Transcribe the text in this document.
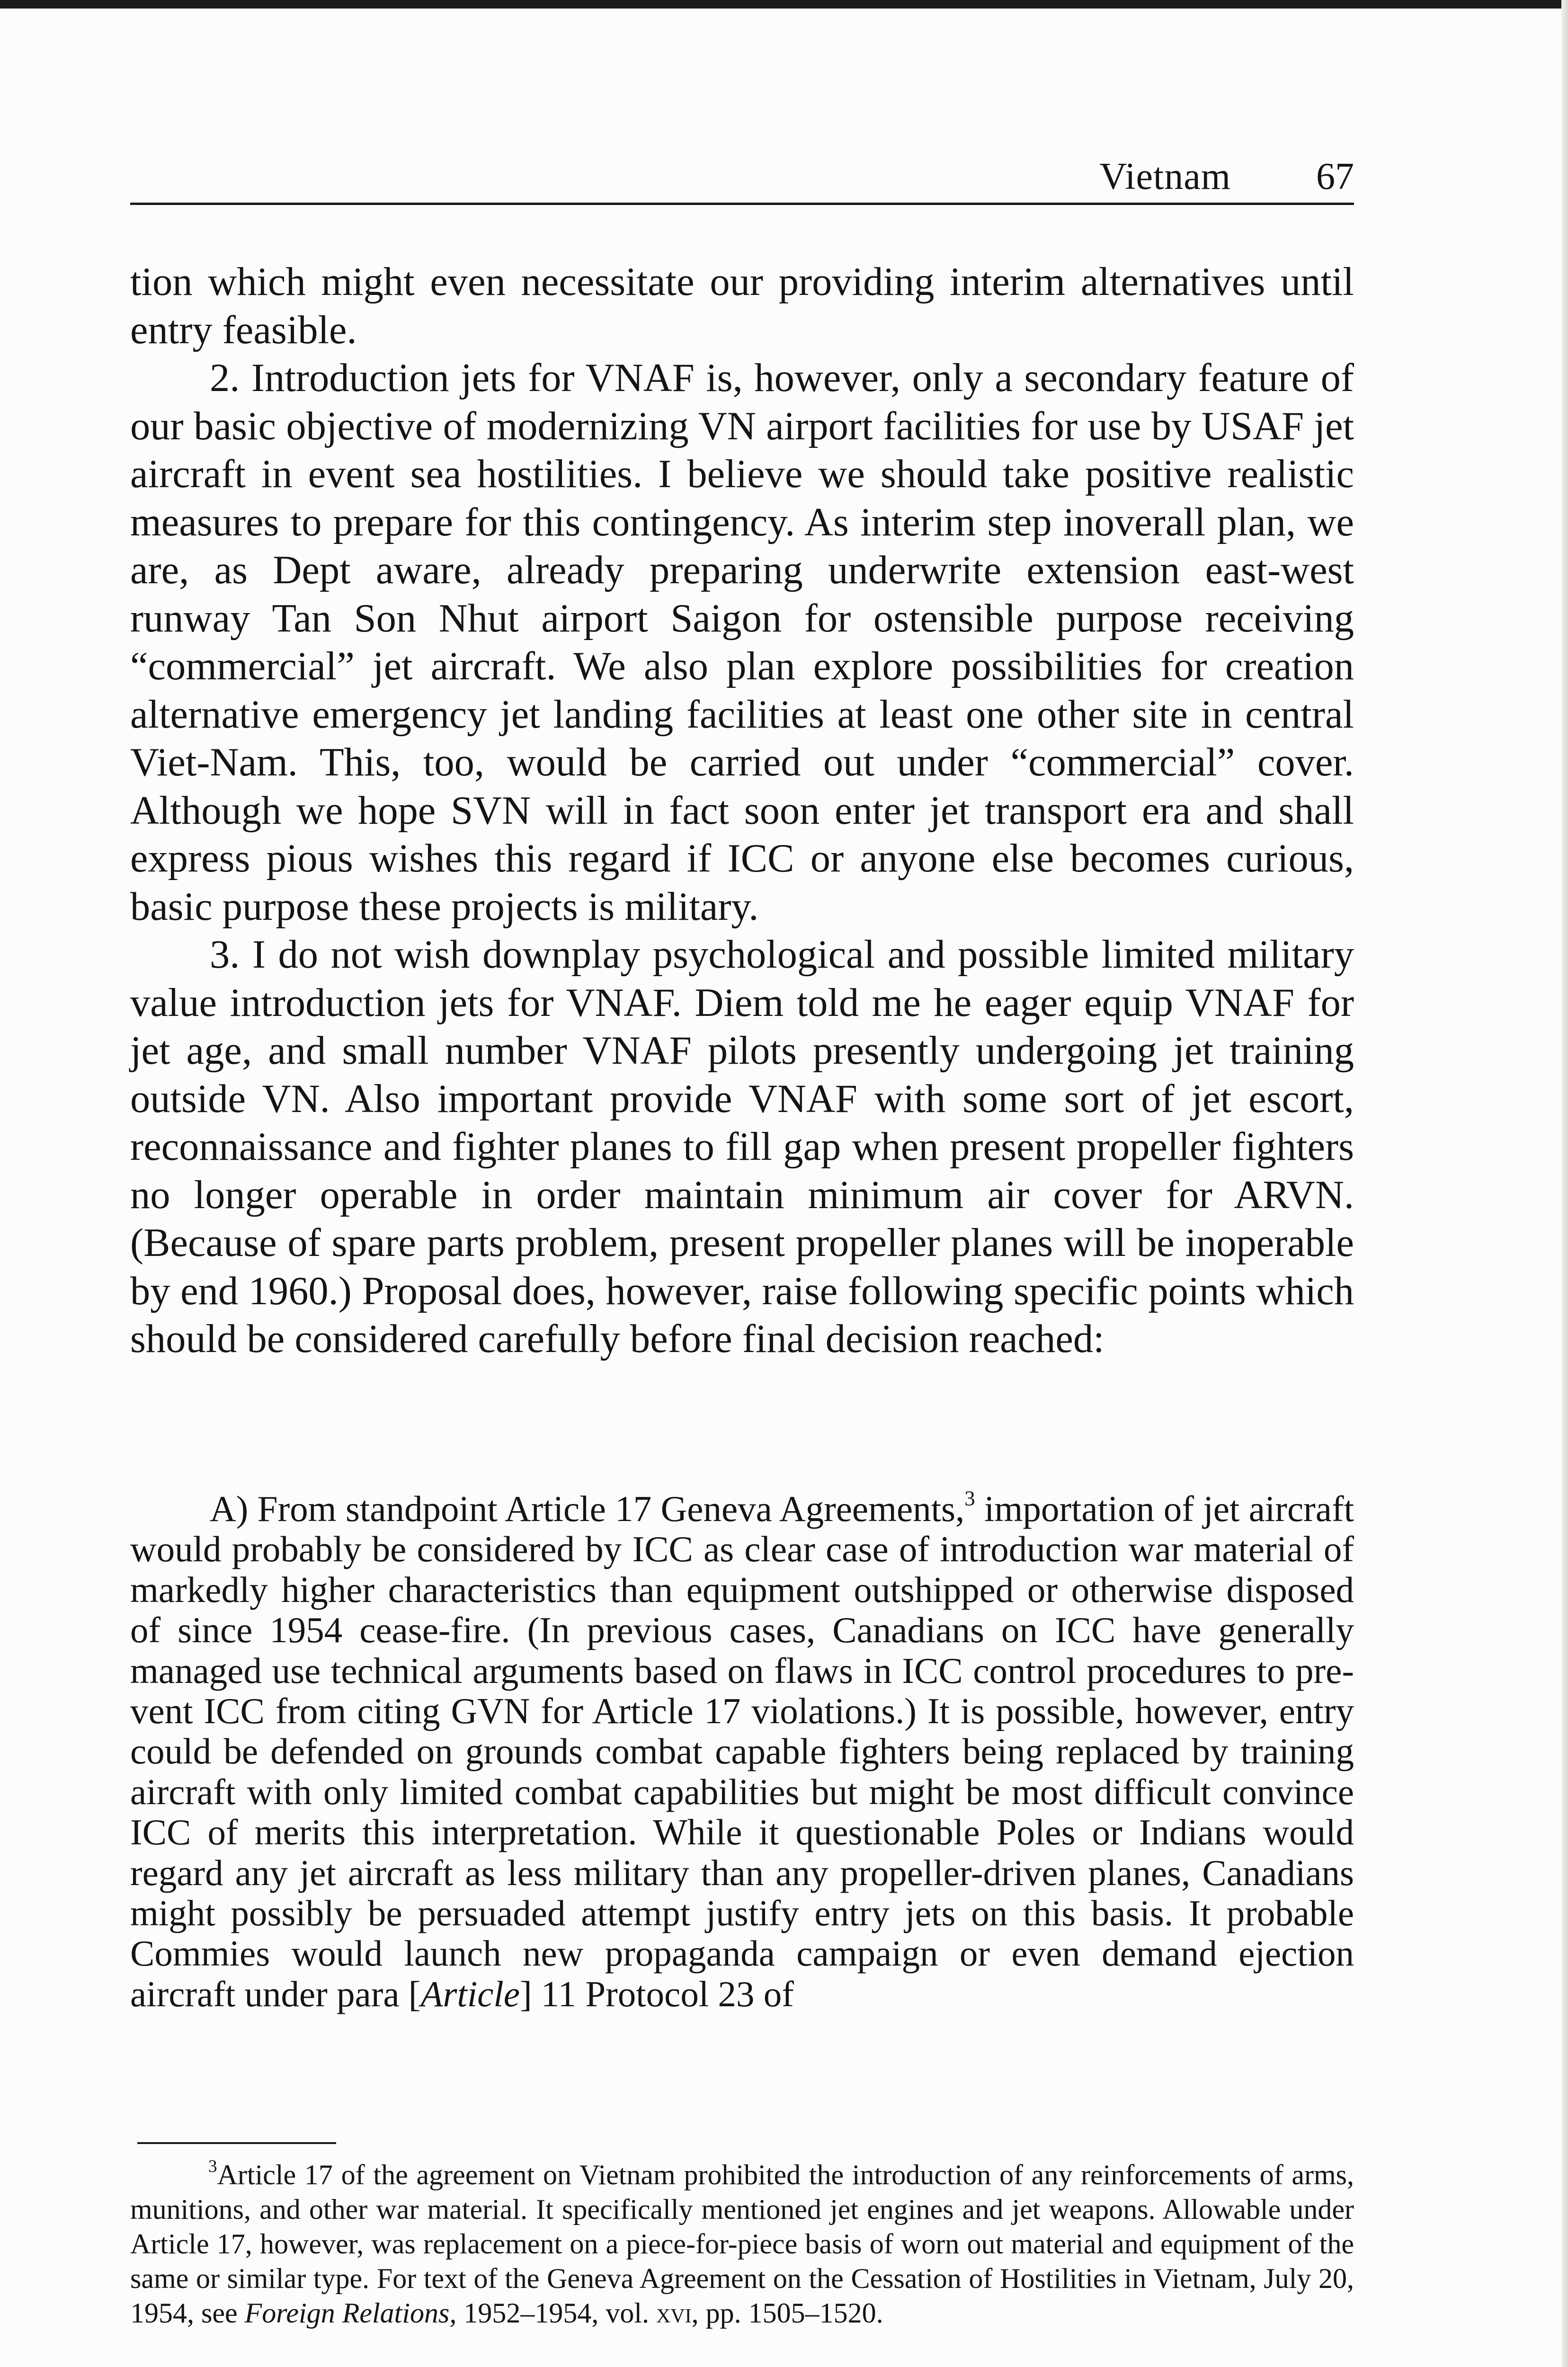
Vietnam 67

tion which might even necessitate our providing interim alternatives until entry feasible.

2. Introduction jets for VNAF is, however, only a secondary feature of our basic objective of modernizing VN airport facilities for use by USAF jet aircraft in event sea hostilities. I believe we should take positive realistic measures to prepare for this contingency. As interim step inoverall plan, we are, as Dept aware, already preparing underwrite extension east-west runway Tan Son Nhut airport Saigon for ostensible purpose receiving “commercial” jet aircraft. We also plan explore possibilities for creation alternative emergency jet landing facilities at least one other site in central Viet-Nam. This, too, would be carried out under “commercial” cover. Although we hope SVN will in fact soon enter jet transport era and shall express pious wishes this regard if ICC or anyone else becomes curious, basic purpose these projects is military.

3. I do not wish downplay psychological and possible limited military value introduction jets for VNAF. Diem told me he eager equip VNAF for jet age, and small number VNAF pilots presently undergoing jet training outside VN. Also important provide VNAF with some sort of jet escort, reconnaissance and fighter planes to fill gap when present propeller fighters no longer operable in order maintain minimum air cover for ARVN. (Because of spare parts problem, present propeller planes will be inoperable by end 1960.) Proposal does, however, raise following specific points which should be considered carefully before final decision reached:

A) From standpoint Article 17 Geneva Agreements,$^3$ importation of jet aircraft would probably be considered by ICC as clear case of introduction war material of markedly higher characteristics than equipment outshipped or otherwise disposed of since 1954 cease-fire. (In previous cases, Canadians on ICC have generally managed use technical arguments based on flaws in ICC control procedures to prevent ICC from citing GVN for Article 17 violations.) It is possible, however, entry could be defended on grounds combat capable fighters being replaced by training aircraft with only limited combat capabilities but might be most difficult convince ICC of merits this interpretation. While it questionable Poles or Indians would regard any jet aircraft as less military than any propeller-driven planes, Canadians might possibly be persuaded attempt justify entry jets on this basis. It probable Commies would launch new propaganda campaign or even demand ejection aircraft under para [Article] 11 Protocol 23 of

$^3$Article 17 of the agreement on Vietnam prohibited the introduction of any reinforcements of arms, munitions, and other war material. It specifically mentioned jet engines and jet weapons. Allowable under Article 17, however, was replacement on a piece-for-piece basis of worn out material and equipment of the same or similar type. For text of the Geneva Agreement on the Cessation of Hostilities in Vietnam, July 20, 1954, see Foreign Relations, 1952–1954, vol. xvi, pp. 1505–1520.
